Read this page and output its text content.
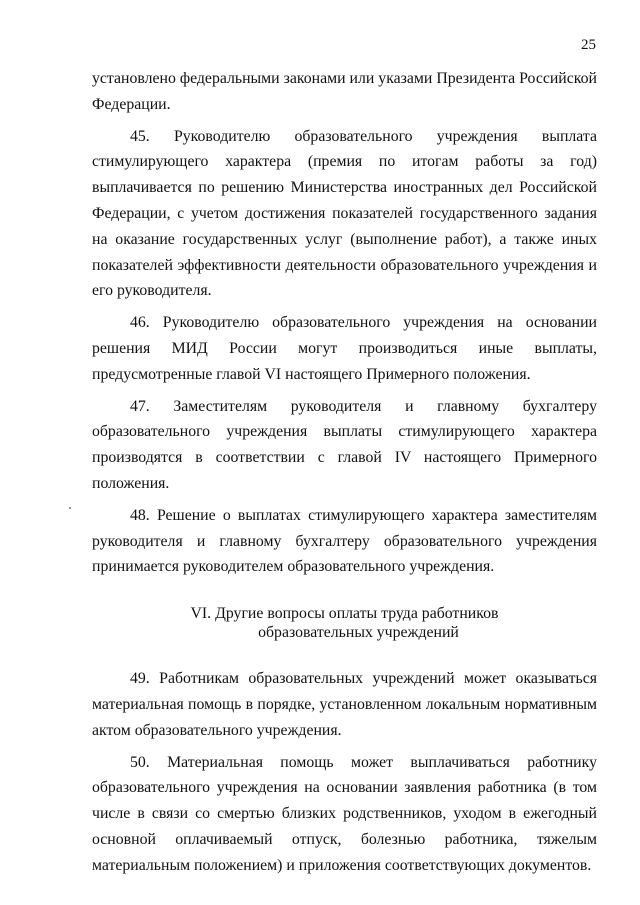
25

установлено федеральными законами или указами Президента Российской Федерации.

45. Руководителю образовательного учреждения выплата стимулирующего характера (премия по итогам работы за год) выплачивается по решению Министерства иностранных дел Российской Федерации, с учетом достижения показателей государственного задания на оказание государственных услуг (выполнение работ), а также иных показателей эффективности деятельности образовательного учреждения и его руководителя.

46. Руководителю образовательного учреждения на основании решения МИД России могут производиться иные выплаты, предусмотренные главой VI настоящего Примерного положения.

47. Заместителям руководителя и главному бухгалтеру образовательного учреждения выплаты стимулирующего характера производятся в соответствии с главой IV настоящего Примерного положения.

48. Решение о выплатах стимулирующего характера заместителям руководителя и главному бухгалтеру образовательного учреждения принимается руководителем образовательного учреждения.

VI. Другие вопросы оплаты труда работников
образовательных учреждений

49. Работникам образовательных учреждений может оказываться материальная помощь в порядке, установленном локальным нормативным актом образовательного учреждения.

50. Материальная помощь может выплачиваться работнику образовательного учреждения на основании заявления работника (в том числе в связи со смертью близких родственников, уходом в ежегодный основной оплачиваемый отпуск, болезнью работника, тяжелым материальным положением) и приложения соответствующих документов.
